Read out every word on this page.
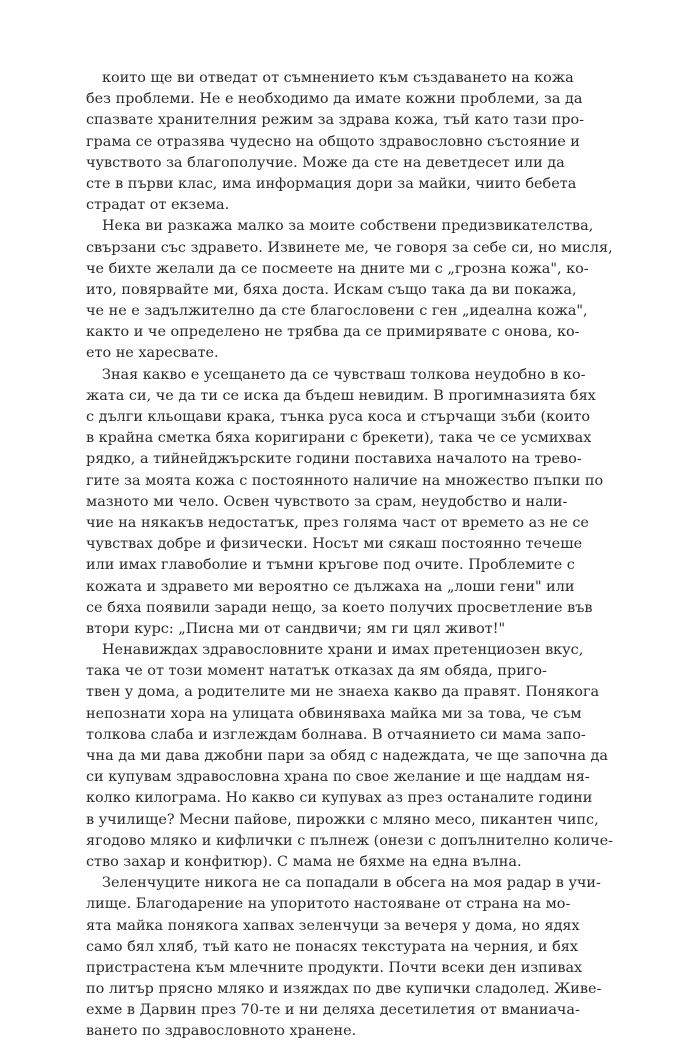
които ще ви отведат от съмнението към създаването на кожа
без проблеми. Не е необходимо да имате кожни проблеми, за да
спазвате хранителния режим за здрава кожа, тъй като тази про-
грама се отразява чудесно на общото здравословно състояние и
чувството за благополучие. Може да сте на деветдесет или да
сте в първи клас, има информация дори за майки, чиито бебета
страдат от екзема.
Нека ви разкажа малко за моите собствени предизвикателства,
свързани със здравето. Извинете ме, че говоря за себе си, но мисля,
че бихте желали да се посмеете на дните ми с „грозна кожа", ко-
ито, повярвайте ми, бяха доста. Искам също така да ви покажа,
че не е задължително да сте благословени с ген „идеална кожа",
както и че определено не трябва да се примирявате с онова, ко-
ето не харесвате.
Зная какво е усещането да се чувстваш толкова неудобно в ко-
жата си, че да ти се иска да бъдеш невидим. В прогимназията бях
с дълги кльощави крака, тънка руса коса и стърчащи зъби (които
в крайна сметка бяха коригирани с брекети), така че се усмихвах
рядко, а тийнейджърските години поставиха началото на трево-
гите за моята кожа с постоянното наличие на множество пъпки по
мазното ми чело. Освен чувството за срам, неудобство и нали-
чие на някакъв недостатък, през голяма част от времето аз не се
чувствах добре и физически. Носът ми сякаш постоянно течеше
или имах главоболие и тъмни кръгове под очите. Проблемите с
кожата и здравето ми вероятно се дължаха на „лоши гени" или
се бяха появили заради нещо, за което получих просветление във
втори курс: „Писна ми от сандвичи; ям ги цял живот!"
Ненавиждах здравословните храни и имах претенциозен вкус,
така че от този момент нататък отказах да ям обяда, приго-
твен у дома, а родителите ми не знаеха какво да правят. Понякога
непознати хора на улицата обвиняваха майка ми за това, че съм
толкова слаба и изглеждам болнава. В отчаянието си мама запо-
чна да ми дава джобни пари за обяд с надеждата, че ще започна да
си купувам здравословна храна по свое желание и ще наддам ня-
колко килограма. Но какво си купувах аз през останалите години
в училище? Месни пайове, пирожки с мляно месо, пикантен чипс,
ягодово мляко и кифлички с пълнеж (онези с допълнително количе-
ство захар и конфитюр). С мама не бяхме на една вълна.
Зеленчуците никога не са попадали в обсега на моя радар в учи-
лище. Благодарение на упоритото настояване от страна на мо-
ята майка понякога хапвах зеленчуци за вечеря у дома, но ядях
само бял хляб, тъй като не понасях текстурата на черния, и бях
пристрастена към млечните продукти. Почти всеки ден изпивах
по литър прясно мляко и изяждах по две купички сладолед. Живе-
ехме в Дарвин през 70-те и ни деляха десетилетия от вманиача-
ването по здравословното хранене.
